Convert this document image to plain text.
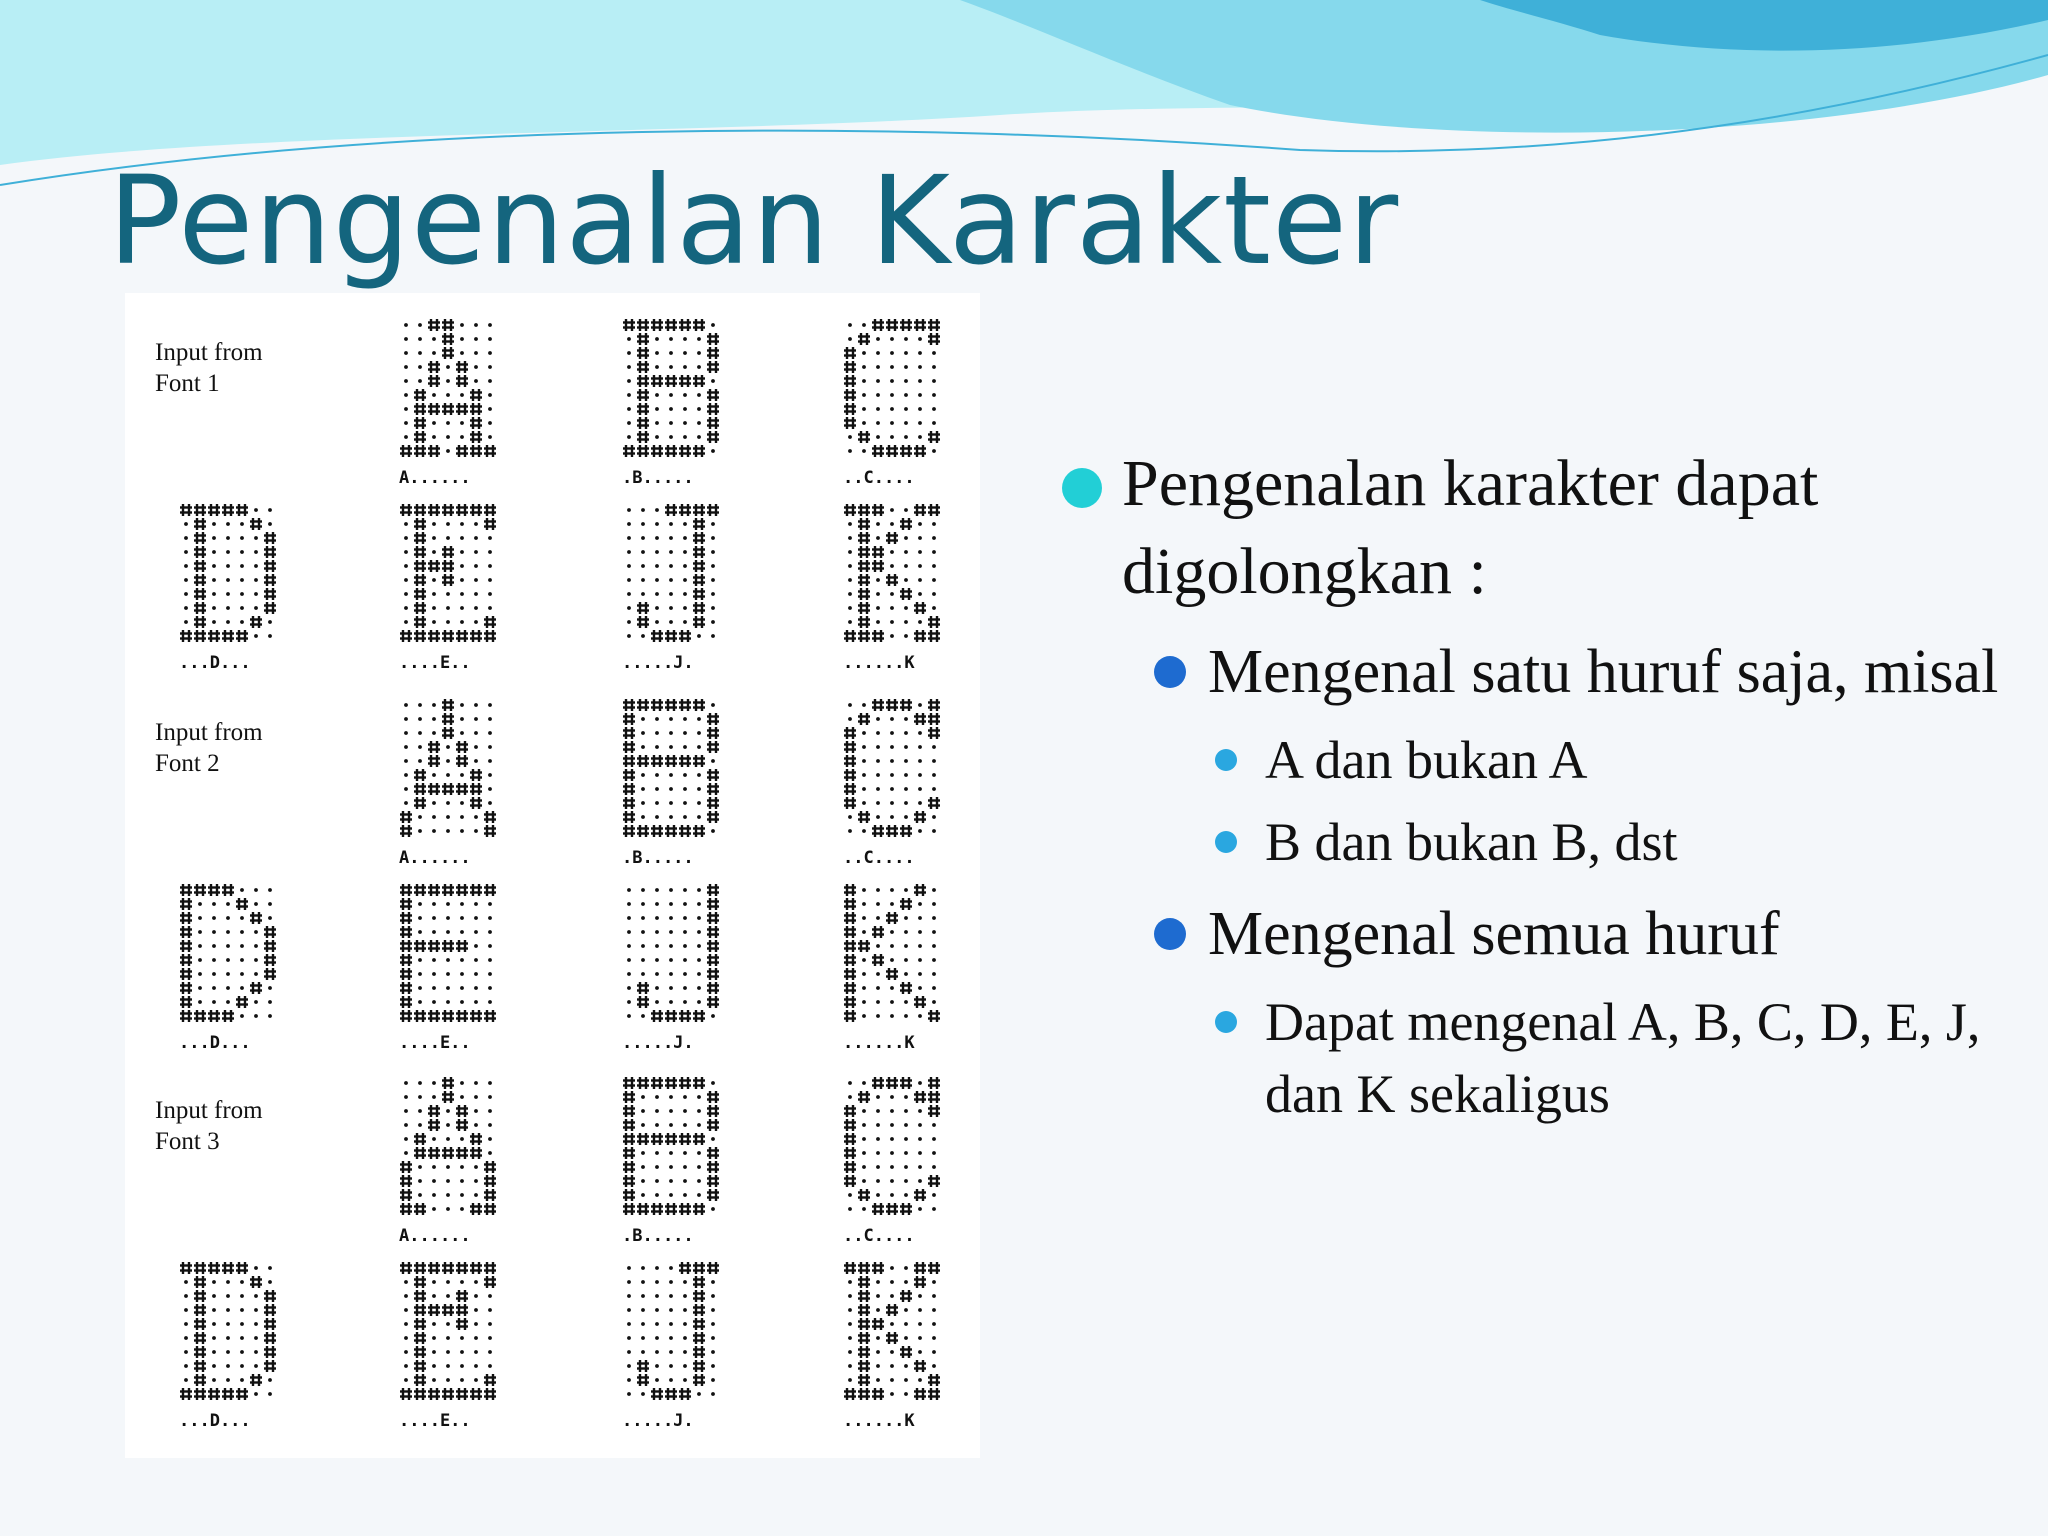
Pengenalan Karakter
Input from
Font 1
A......	.B.....	..C....
...D...	....E..	.....J.	......K
Input from
Font 2
A......	.B.....	..C....
...D...	....E..	.....J.	......K
Input from
Font 3
A......	.B.....	..C....
...D...	....E..	.....J.	......K
Pengenalan karakter dapat digolongkan :
Mengenal satu huruf saja, misal
A dan bukan A
B dan bukan B, dst
Mengenal semua huruf
Dapat mengenal A, B, C, D, E, J, dan K sekaligus
